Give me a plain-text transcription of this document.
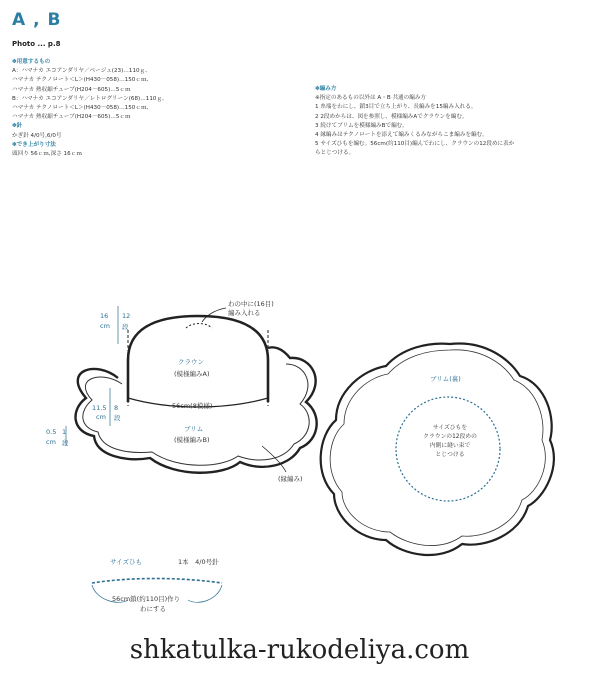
A , B
Photo ... p.8
✽用意するもの
A：ハマナカ エコアンダリヤ／ベージュ(23)…110ｇ、
ハマナカ テクノロート＜L＞(H430－058)…150ｃｍ、
ハマナカ 熱収縮チューブ(H204－605)…5ｃｍ
B：ハマナカ エコアンダリヤ／レトログリーン(68)…110ｇ、
ハマナカ テクノロート＜L＞(H430－058)…150ｃｍ、
ハマナカ 熱収縮チューブ(H204－605)…5ｃｍ
✽針
かぎ針 4/0号,6/0号
✽でき上がり寸法
頭回り 56ｃｍ,深さ 16ｃｍ
✽編み方
※指定のあるもの以外は A・B 共通の編み方
1 糸端をわにし、鎖3目で立ち上がり、長編みを15編み入れる。
2 2段めからは、図を参照し、模様編みAでクラウンを編む。
3 続けてブリムを模様編みBで編む。
4 縁編みはテクノロートを添えて編みくるみながらこま編みを編む。
5 サイズひもを編む。56cm(約110目)編んでわにし、クラウンの12段めに表か
らとじつける。
わの中に(16目)
編み入れる
16 12
cm 段
クラウン
(模様編みA)
56cm(8模様)
11.5 8
cm 段
0.5 1
cm 段
ブリム
(模様編みB)
(縁編み)
ブリム(裏)
サイズひもを
クラウンの12段めの
内側に縫い束で
とじつける
サイズひも	1本　4/0号針
56cm鎖(約110目)作り
わにする
shkatulka-rukodeliya.com
